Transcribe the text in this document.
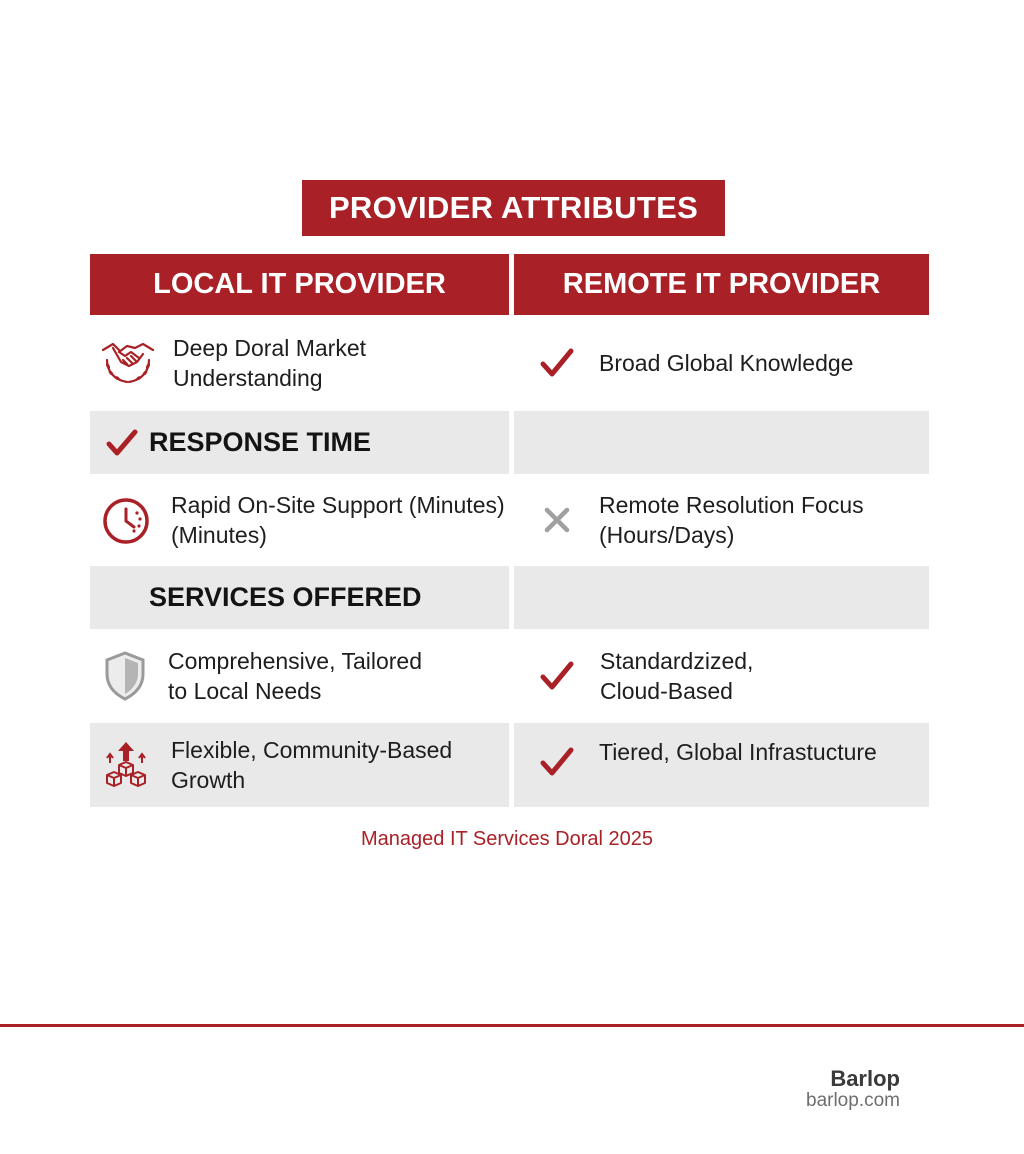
PROVIDER ATTRIBUTES
LOCAL IT PROVIDER	REMOTE IT PROVIDER
Deep Doral Market
Understanding
Broad Global Knowledge
RESPONSE TIME
Rapid On-Site Support (Minutes)
(Minutes)
Remote Resolution Focus
(Hours/Days)
SERVICES OFFERED
Comprehensive, Tailored
to Local Needs
Standardzized,
Cloud-Based
Flexible, Community-Based
Growth
Tiered, Global Infrastucture
Managed IT Services Doral 2025
Barlop
barlop.com
